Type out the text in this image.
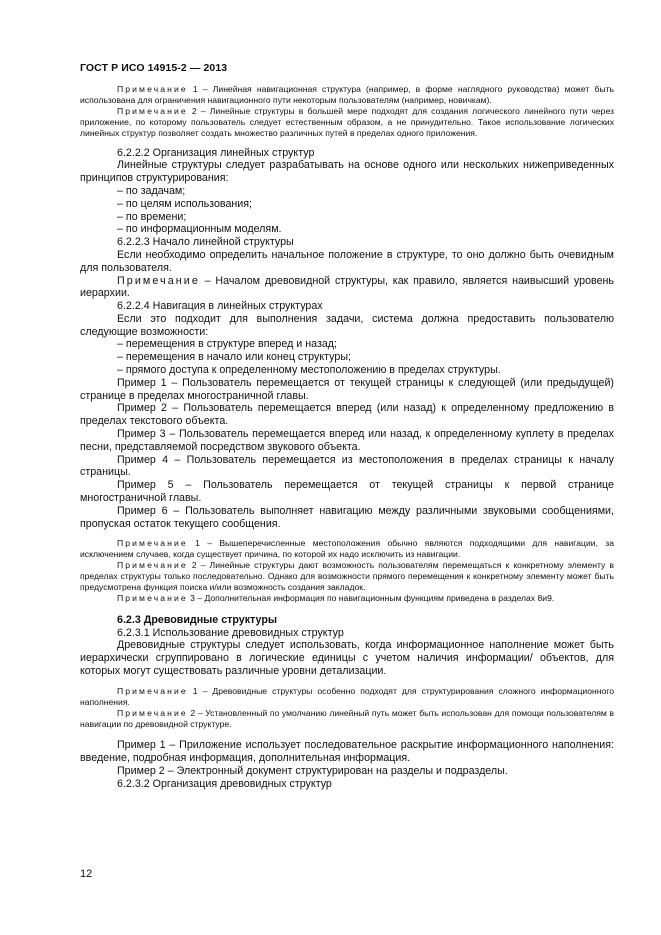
ГОСТ Р ИСО 14915-2 — 2013

Примечание 1 – Линейная навигационная структура (например, в форме наглядного руководства) может быть использована для ограничения навигационного пути некоторым пользователям (например, новичкам).

Примечание 2 – Линейные структуры в большей мере подходят для создания логического линейного пути через приложение, по которому пользователь следует естественным образом, а не принудительно. Такое использование логических линейных структур позволяет создать множество различных путей в пределах одного приложения.

6.2.2.2 Организация линейных структур

Линейные структуры следует разрабатывать на основе одного или нескольких нижеприведенных принципов структурирования:

– по задачам;

– по целям использования;

– по времени;

– по информационным моделям.

6.2.2.3 Начало линейной структуры

Если необходимо определить начальное положение в структуре, то оно должно быть очевидным для пользователя.

Примечание – Началом древовидной структуры, как правило, является наивысший уровень иерархии.

6.2.2.4 Навигация в линейных структурах

Если это подходит для выполнения задачи, система должна предоставить пользователю следующие возможности:

– перемещения в структуре вперед и назад;

– перемещения в начало или конец структуры;

– прямого доступа к определенному местоположению в пределах структуры.

Пример 1 – Пользователь перемещается от текущей страницы к следующей (или предыдущей) странице в пределах многостраничной главы.

Пример 2 – Пользователь перемещается вперед (или назад) к определенному предложению в пределах текстового объекта.

Пример 3 – Пользователь перемещается вперед или назад, к определенному куплету в пределах песни, представляемой посредством звукового объекта.

Пример 4 – Пользователь перемещается из местоположения в пределах страницы к началу страницы.

Пример 5 – Пользователь перемещается от текущей страницы к первой странице многостраничной главы.

Пример 6 – Пользователь выполняет навигацию между различными звуковыми сообщениями, пропуская остаток текущего сообщения.

Примечание 1 – Вышеперечисленные местоположения обычно являются подходящими для навигации, за исключением случаев, когда существует причина, по которой их надо исключить из навигации.

Примечание 2 – Линейные структуры дают возможность пользователям перемещаться к конкретному элементу в пределах структуры только последовательно. Однако для возможности прямого перемещения к конкретному элементу может быть предусмотрена функция поиска и/или возможность создания закладок.

Примечание 3 – Дополнительная информация по навигационным функциям приведена в разделах 8и9.

6.2.3 Древовидные структуры

6.2.3.1 Использование древовидных структур

Древовидные структуры следует использовать, когда информационное наполнение может быть иерархически сгруппировано в логические единицы с учетом наличия информации/ объектов, для которых могут существовать различные уровни детализации.

Примечание 1 – Древовидные структуры особенно подходят для структурирования сложного информационного наполнения.

Примечание 2 – Установленный по умолчанию линейный путь может быть использован для помощи пользователям в навигации по древовидной структуре.

Пример 1 – Приложение использует последовательное раскрытие информационного наполнения: введение, подробная информация, дополнительная информация.

Пример 2 – Электронный документ структурирован на разделы и подразделы.

6.2.3.2 Организация древовидных структур

12
